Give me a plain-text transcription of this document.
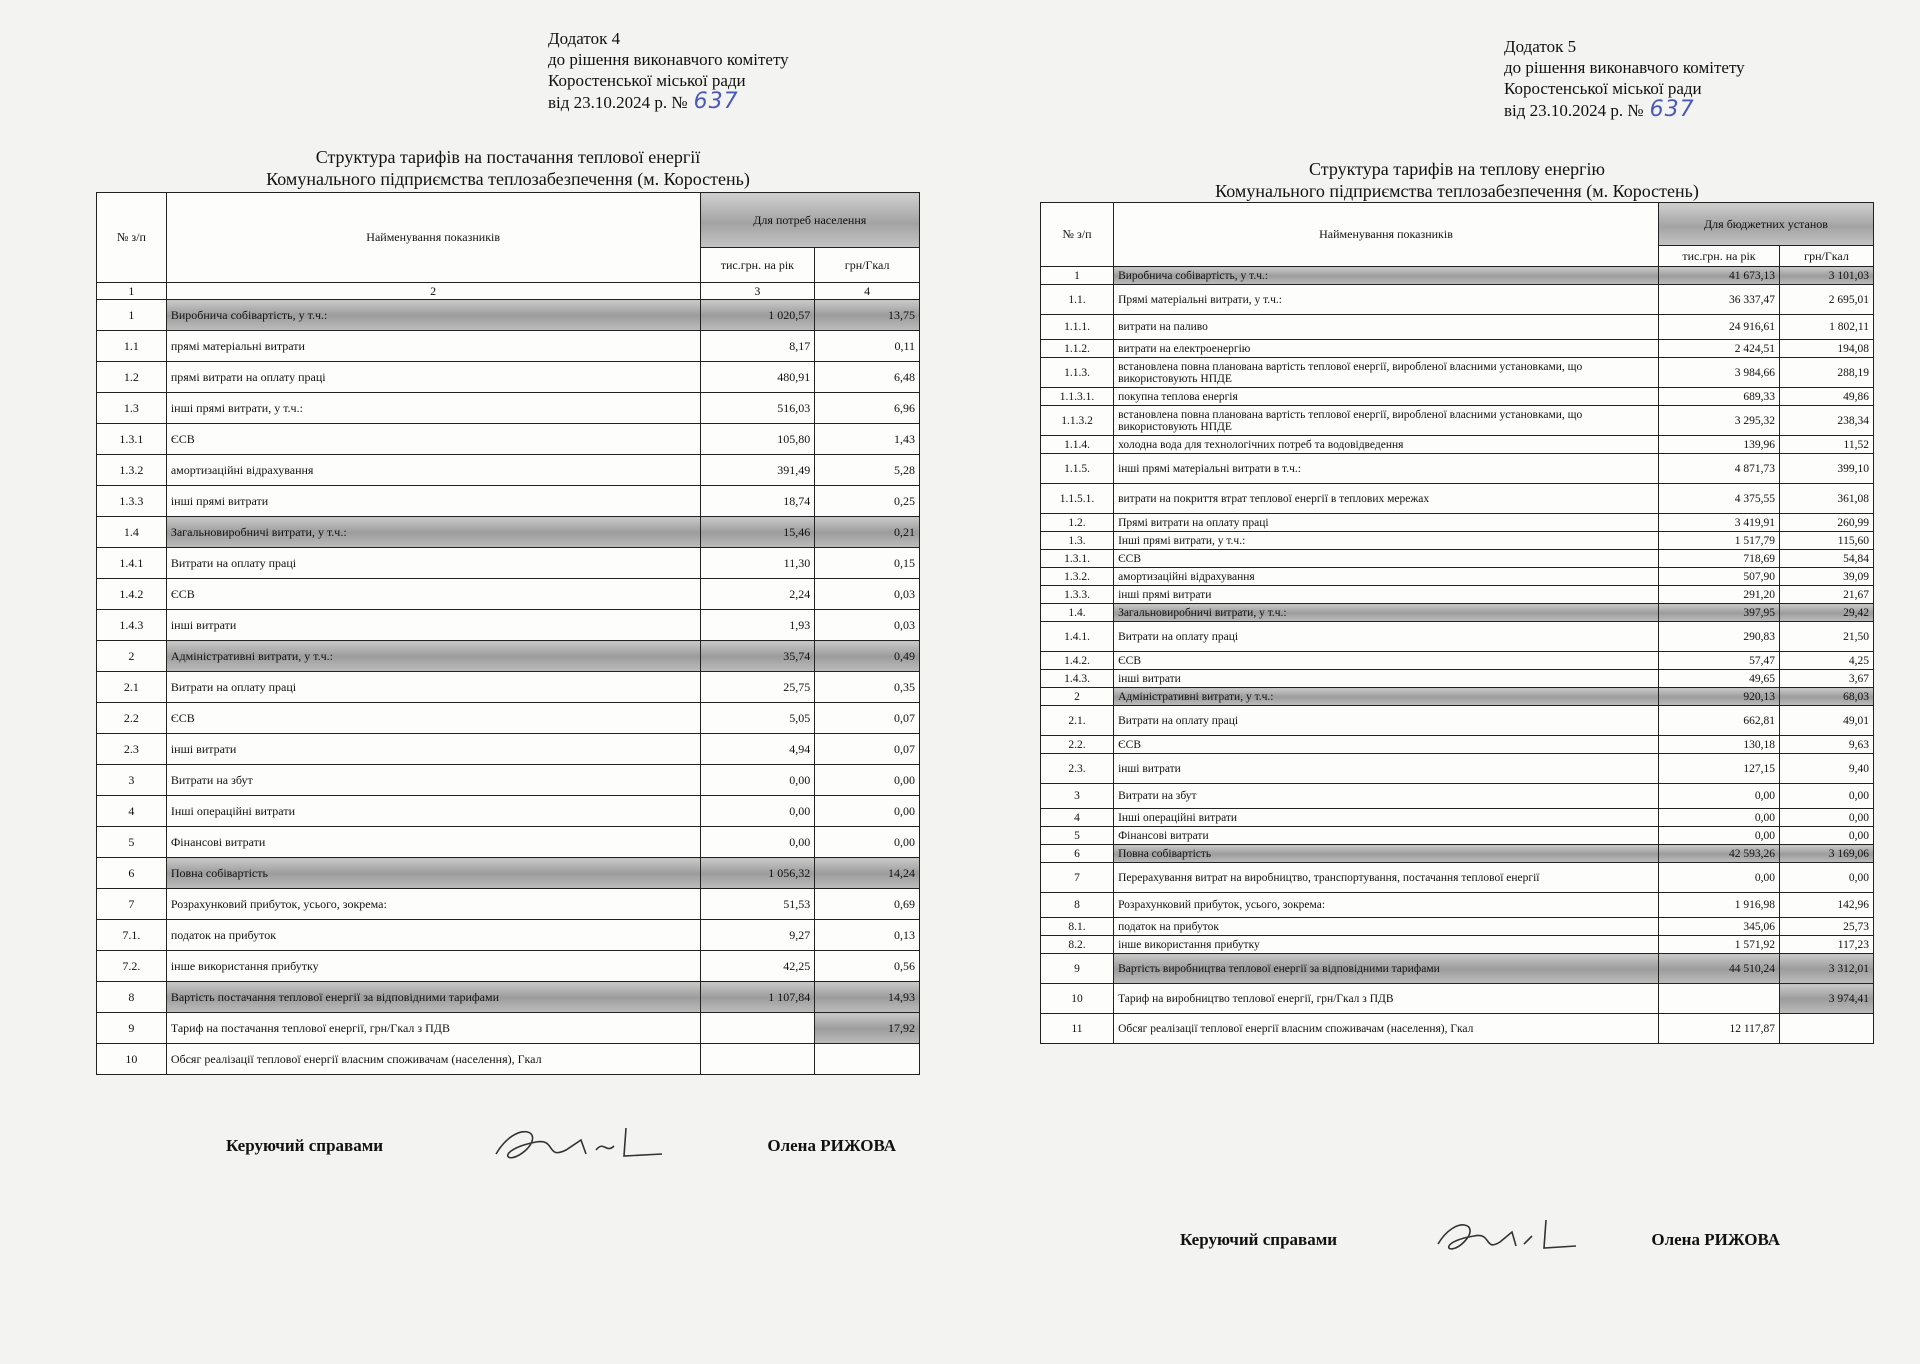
Додаток 4
до рішення виконавчого комітету
Коростенської міської ради
від 23.10.2024 р. № 637
Структура тарифів на постачання теплової енергії
Комунального підприємства теплозабезпечення (м. Коростень)
№ з/п	Найменування показників	Для потреб населення	
		тис.грн. на рік	грн/Гкал
1	2	3	4
1	Виробнича собівартість, у т.ч.:	1 020,57	13,75
1.1	прямі матеріальні витрати	8,17	0,11
1.2	прямі витрати на оплату праці	480,91	6,48
1.3	інші прямі витрати, у т.ч.:	516,03	6,96
1.3.1	ЄСВ	105,80	1,43
1.3.2	амортизаційні відрахування	391,49	5,28
1.3.3	інші прямі витрати	18,74	0,25
1.4	Загальновиробничі витрати, у т.ч.:	15,46	0,21
1.4.1	Витрати на оплату праці	11,30	0,15
1.4.2	ЄСВ	2,24	0,03
1.4.3	інші витрати	1,93	0,03
2	Адміністративні витрати, у т.ч.:	35,74	0,49
2.1	Витрати на оплату праці	25,75	0,35
2.2	ЄСВ	5,05	0,07
2.3	інші витрати	4,94	0,07
3	Витрати на збут	0,00	0,00
4	Інші операційні витрати	0,00	0,00
5	Фінансові витрати	0,00	0,00
6	Повна собівартість	1 056,32	14,24
7	Розрахунковий прибуток, усього, зокрема:	51,53	0,69
7.1.	податок на прибуток	9,27	0,13
7.2.	інше використання прибутку	42,25	0,56
8	Вартість постачання теплової енергії за відповідними тарифами	1 107,84	14,93
9	Тариф на постачання теплової енергії, грн/Гкал з ПДВ		17,92
10	Обсяг реалізації теплової енергії власним споживачам (населення), Гкал		
Керуючий справами	Олена РИЖОВА
Додаток 5
до рішення виконавчого комітету
Коростенської міської ради
від 23.10.2024 р. № 637
Структура тарифів на теплову енергію
Комунального підприємства теплозабезпечення (м. Коростень)
№ з/п	Найменування показників	Для бюджетних установ	
		тис.грн. на рік	грн/Гкал
1	Виробнича собівартість, у т.ч.:	41 673,13	3 101,03
1.1.	Прямі матеріальні витрати, у т.ч.:	36 337,47	2 695,01
1.1.1.	витрати на паливо	24 916,61	1 802,11
1.1.2.	витрати на електроенергію	2 424,51	194,08
1.1.3.	встановлена повна планована вартість теплової енергії, виробленої власними установками, що використовують НПДЕ	3 984,66	288,19
1.1.3.1.	покупна теплова енергія	689,33	49,86
1.1.3.2	встановлена повна планована вартість теплової енергії, виробленої власними установками, що використовують НПДЕ	3 295,32	238,34
1.1.4.	холодна вода для технологічних потреб та водовідведення	139,96	11,52
1.1.5.	інші прямі матеріальні витрати в т.ч.:	4 871,73	399,10
1.1.5.1.	витрати на покриття втрат теплової енергії в теплових мережах	4 375,55	361,08
1.2.	Прямі витрати на оплату праці	3 419,91	260,99
1.3.	Інші прямі витрати, у т.ч.:	1 517,79	115,60
1.3.1.	ЄСВ	718,69	54,84
1.3.2.	амортизаційні відрахування	507,90	39,09
1.3.3.	інші прямі витрати	291,20	21,67
1.4.	Загальновиробничі витрати, у т.ч.:	397,95	29,42
1.4.1.	Витрати на оплату праці	290,83	21,50
1.4.2.	ЄСВ	57,47	4,25
1.4.3.	інші витрати	49,65	3,67
2	Адміністративні витрати, у т.ч.:	920,13	68,03
2.1.	Витрати на оплату праці	662,81	49,01
2.2.	ЄСВ	130,18	9,63
2.3.	інші витрати	127,15	9,40
3	Витрати на збут	0,00	0,00
4	Інші операційні витрати	0,00	0,00
5	Фінансові витрати	0,00	0,00
6	Повна собівартість	42 593,26	3 169,06
7	Перерахування витрат на виробництво, транспортування, постачання теплової енергії	0,00	0,00
8	Розрахунковий прибуток, усього, зокрема:	1 916,98	142,96
8.1.	податок на прибуток	345,06	25,73
8.2.	інше використання прибутку	1 571,92	117,23
9	Вартість виробництва теплової енергії за відповідними тарифами	44 510,24	3 312,01
10	Тариф на виробництво теплової енергії, грн/Гкал з ПДВ		3 974,41
11	Обсяг реалізації теплової енергії власним споживачам (населення), Гкал	12 117,87	
Керуючий справами	Олена РИЖОВА
